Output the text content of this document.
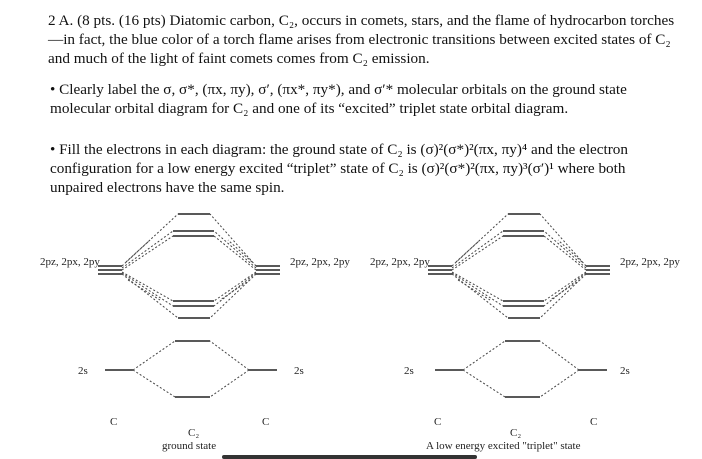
2 A. (8 pts. (16 pts) Diatomic carbon, C₂, occurs in comets, stars, and the flame of hydrocarbon torches—in fact, the blue color of a torch flame arises from electronic transitions between excited states of C₂ and much of the light of faint comets comes from C₂ emission.
• Clearly label the σ, σ*, (πx, πy), σ′, (πx*, πy*), and σ′* molecular orbitals on the ground state molecular orbital diagram for C₂ and one of its “excited” triplet state orbital diagram.
• Fill the electrons in each diagram: the ground state of C₂ is (σ)²(σ*)²(πx, πy)⁴ and the electron configuration for a low energy excited “triplet” state of C₂ is (σ)²(σ*)²(πx, πy)³(σ′)¹ where both unpaired electrons have the same spin.
2pz, 2px, 2py	2pz, 2px, 2py
2s	2s
C	C
C₂
ground state
2pz, 2px, 2py	2pz, 2px, 2py
2s	2s
C	C
C₂
A low energy excited "triplet" state
